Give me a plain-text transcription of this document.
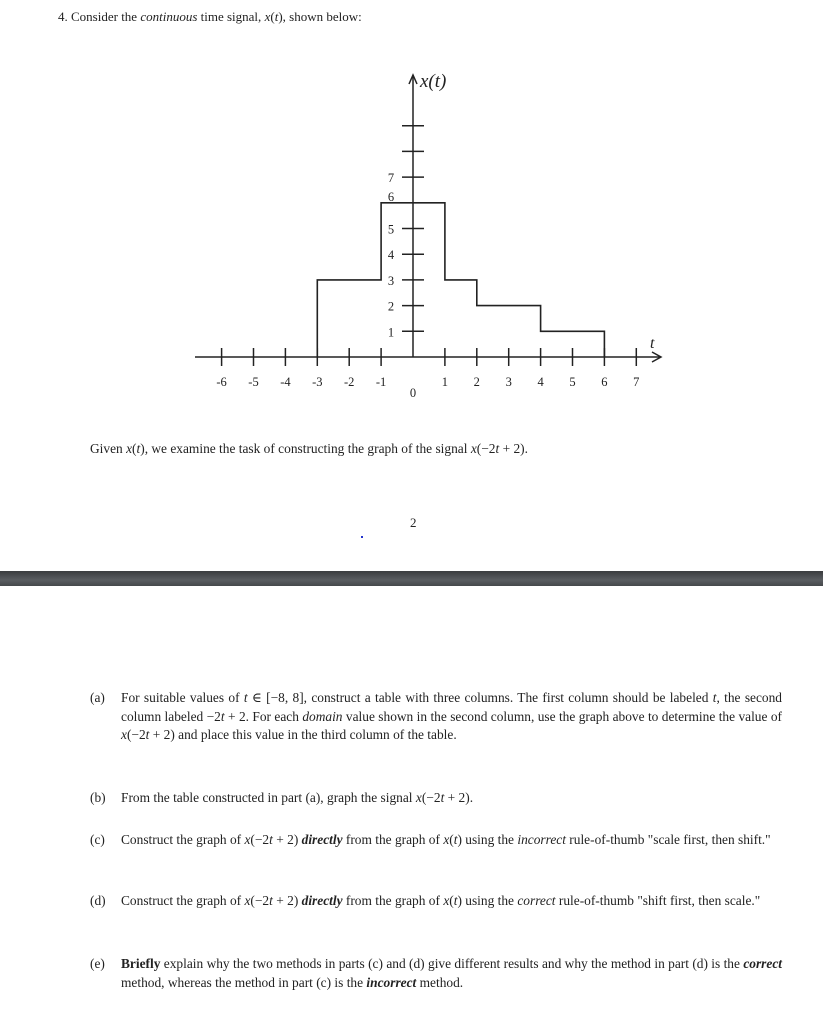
4. Consider the continuous time signal, x(t), shown below:
x(t)
t
-6 -5 -4 -3 -2 -1
0
1 2 3 4 5 6 7
1
2
3
4
5
6
7
Given x(t), we examine the task of constructing the graph of the signal x(−2t + 2).
2
(a) For suitable values of t ∈ [−8, 8], construct a table with three columns. The first column should be labeled t, the second column labeled −2t + 2. For each domain value shown in the second column, use the graph above to determine the value of x(−2t + 2) and place this value in the third column of the table.
(b) From the table constructed in part (a), graph the signal x(−2t + 2).
(c) Construct the graph of x(−2t + 2) directly from the graph of x(t) using the incorrect rule-of-thumb "scale first, then shift."
(d) Construct the graph of x(−2t + 2) directly from the graph of x(t) using the correct rule-of-thumb "shift first, then scale."
(e) Briefly explain why the two methods in parts (c) and (d) give different results and why the method in part (d) is the correct method, whereas the method in part (c) is the incorrect method.
